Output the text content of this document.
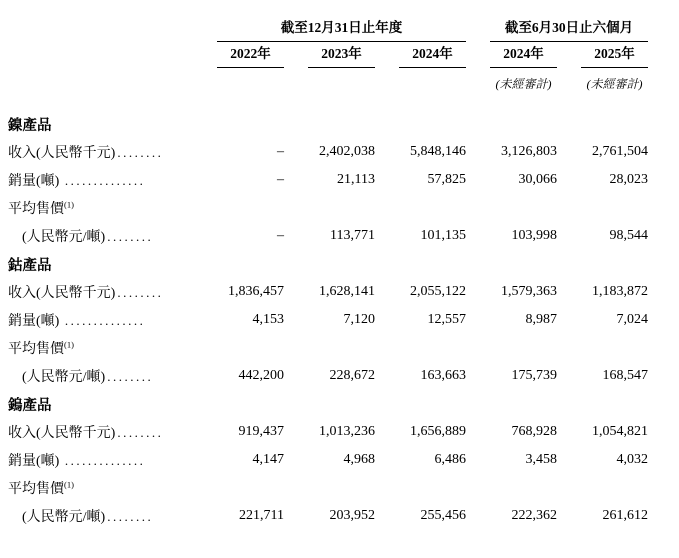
	截至12月31日止年度			截至6月30日止六個月	

	2022年	2023年	2024年	2024年	2025年

				(未經審計)	(未經審計)

鎳產品					
收入(人民幣千元) ........	–	2,402,038	5,848,146	3,126,803	2,761,504
銷量(噸) ..............	–	21,113	57,825	30,066	28,023
平均售價$^{(1)}$					
(人民幣元/噸) ........	–	113,771	101,135	103,998	98,544
鈷產品					
收入(人民幣千元) ........	1,836,457	1,628,141	2,055,122	1,579,363	1,183,872
銷量(噸) ..............	4,153	7,120	12,557	8,987	7,024
平均售價$^{(1)}$					
(人民幣元/噸) ........	442,200	228,672	163,663	175,739	168,547
鎢產品					
收入(人民幣千元) ........	919,437	1,013,236	1,656,889	768,928	1,054,821
銷量(噸) ..............	4,147	4,968	6,486	3,458	4,032
平均售價$^{(1)}$					
(人民幣元/噸) ........	221,711	203,952	255,456	222,362	261,612
